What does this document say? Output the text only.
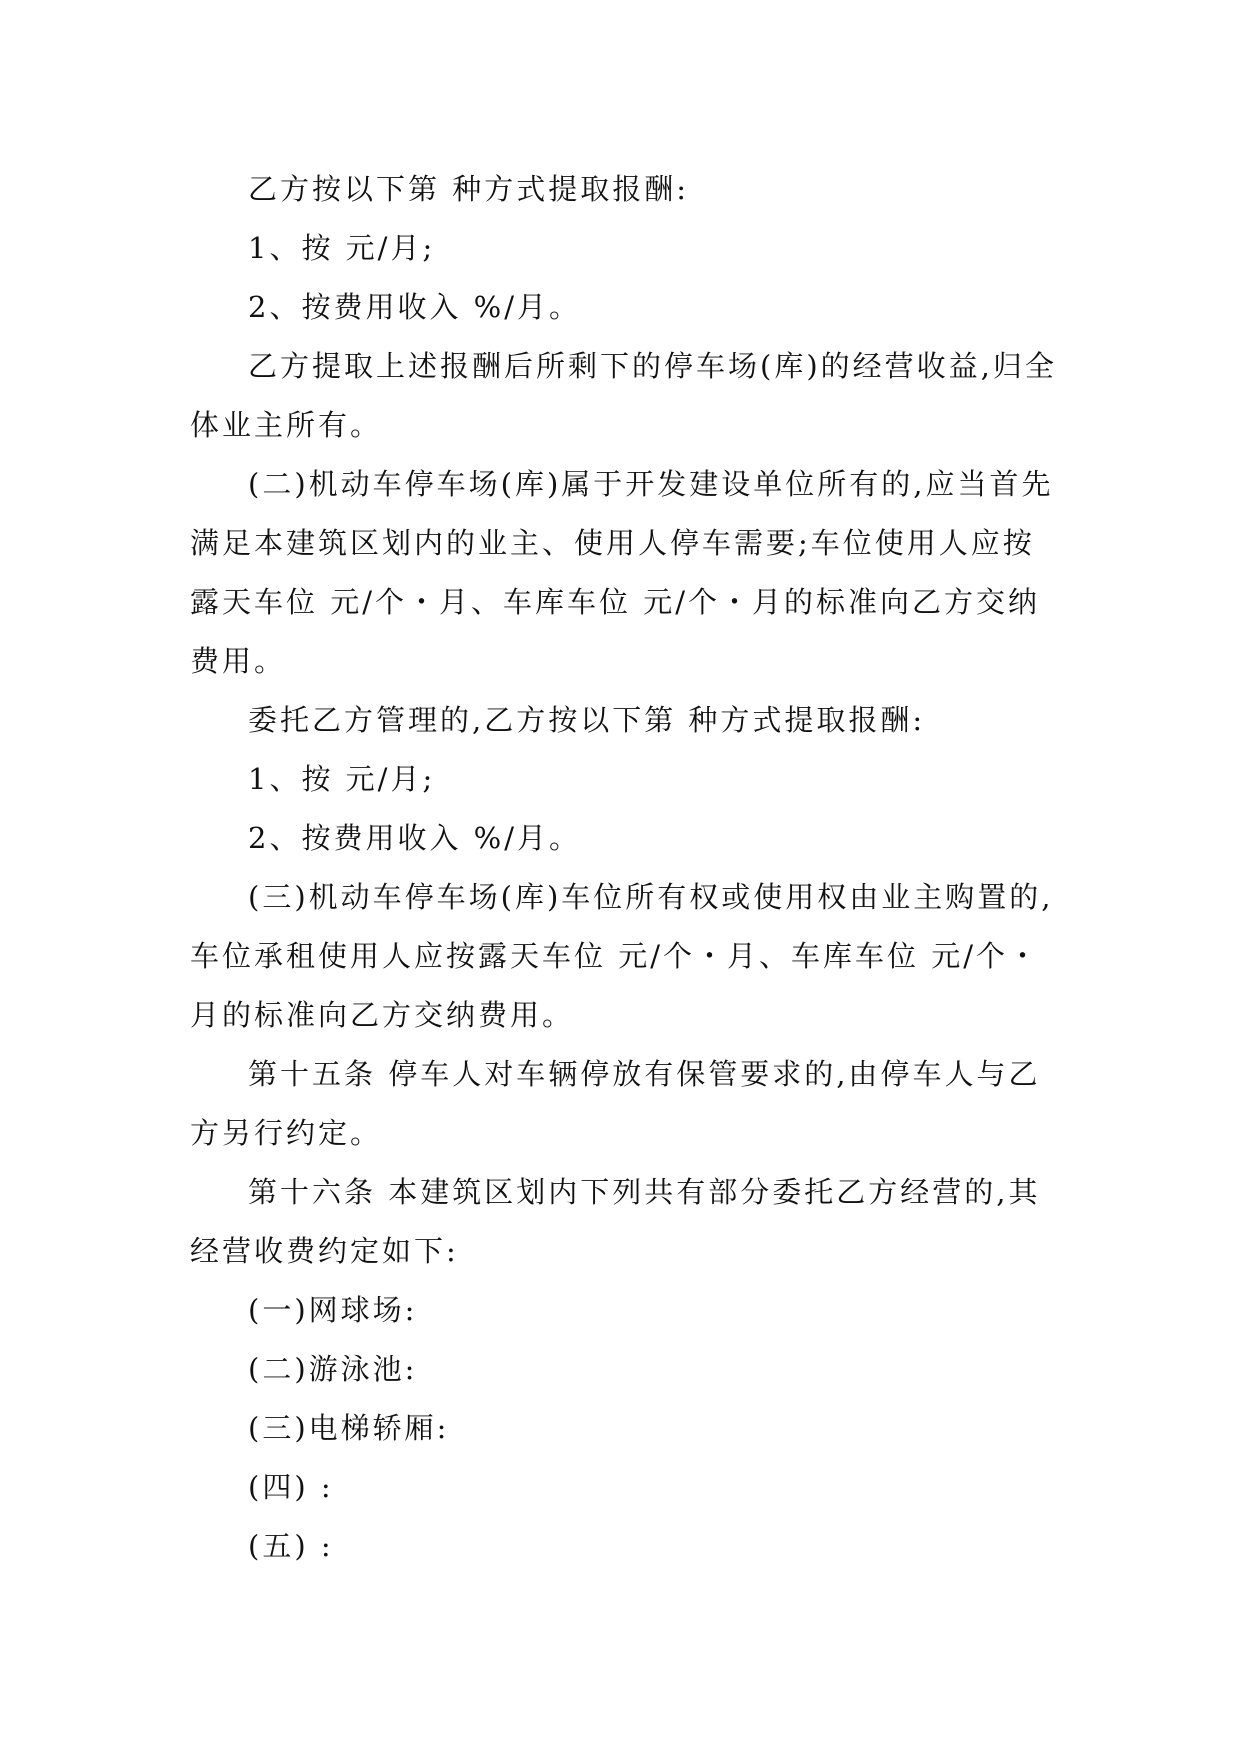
乙方按以下第 种方式提取报酬:

1、按 元/月;

2、按费用收入 %/月。

乙方提取上述报酬后所剩下的停车场(库)的经营收益,归全体业主所有。

(二)机动车停车场(库)属于开发建设单位所有的,应当首先满足本建筑区划内的业主、使用人停车需要;车位使用人应按露天车位 元/个・月、车库车位 元/个・月的标准向乙方交纳费用。

委托乙方管理的,乙方按以下第 种方式提取报酬:

1、按 元/月;

2、按费用收入 %/月。

(三)机动车停车场(库)车位所有权或使用权由业主购置的,车位承租使用人应按露天车位 元/个・月、车库车位 元/个・月的标准向乙方交纳费用。

第十五条 停车人对车辆停放有保管要求的,由停车人与乙方另行约定。

第十六条 本建筑区划内下列共有部分委托乙方经营的,其经营收费约定如下:

(一)网球场:

(二)游泳池:

(三)电梯轿厢:

(四) :

(五) :
